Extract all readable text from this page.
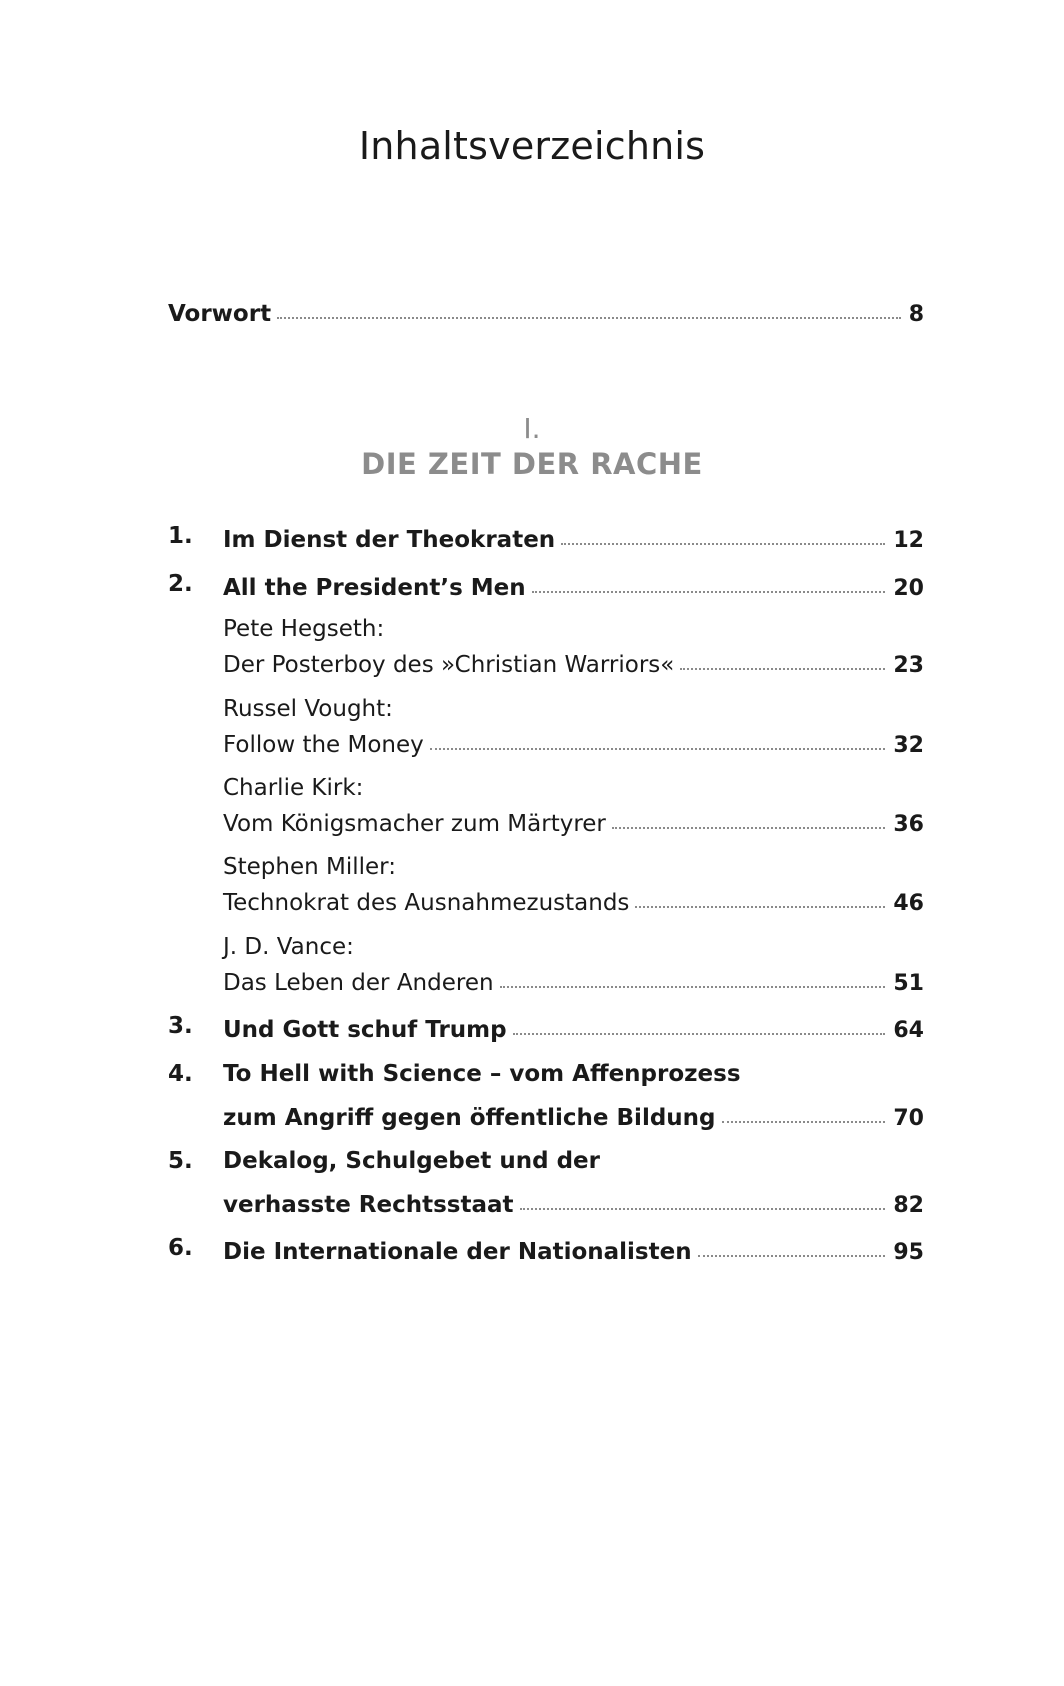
Inhaltsverzeichnis
Vorwort	8
I.
DIE ZEIT DER RACHE
1. Im Dienst der Theokraten	12
2. All the President’s Men	20
Pete Hegseth:
Der Posterboy des »Christian Warriors«	23
Russel Vought:
Follow the Money	32
Charlie Kirk:
Vom Königsmacher zum Märtyrer	36
Stephen Miller:
Technokrat des Ausnahmezustands	46
J. D. Vance:
Das Leben der Anderen	51
3. Und Gott schuf Trump	64
4. To Hell with Science – vom Affenprozess
zum Angriff gegen öffentliche Bildung	70
5. Dekalog, Schulgebet und der
verhasste Rechtsstaat	82
6. Die Internationale der Nationalisten	95
